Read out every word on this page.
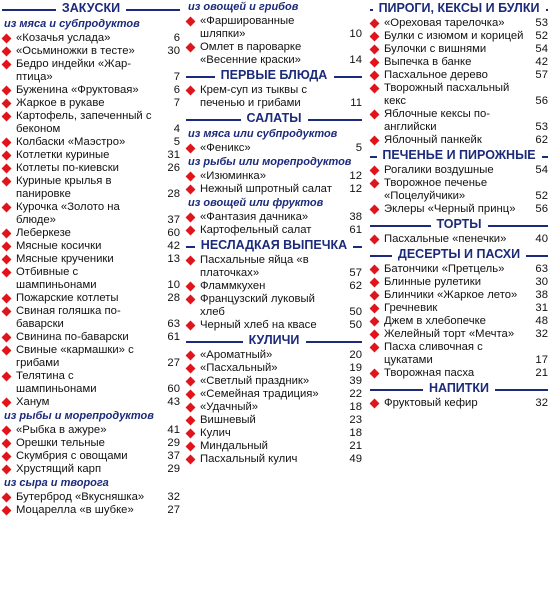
ЗАКУСКИ
из мяса и субпродуктов
«Козачья услада»	6
«Осьминожки в тесте»	30
Бедро индейки «Жар-птица»	7
Буженина «Фруктовая»	6
Жаркое в рукаве	7
Картофель, запеченный с беконом	4
Колбаски «Маэстро»	5
Котлетки куриные	31
Котлеты по-киевски	26
Куриные крылья в панировке	28
Курочка «Золото на блюде»	37
Леберкезе	60
Мясные косички	42
Мясные крученики	13
Отбивные с шампиньонами	10
Пожарские котлеты	28
Свиная голяшка по-баварски	63
Свинина по-баварски	61
Свиные «кармашки» с грибами	27
Телятина с шампиньонами	60
Ханум	43
из рыбы и морепродуктов
«Рыбка в ажуре»	41
Орешки тельные	29
Скумбрия с овощами	37
Хрустящий карп	29
из сыра и творога
Бутерброд «Вкусняшка»	32
Моцарелла «в шубке»	27
из овощей и грибов
«Фаршированные шляпки»	10
Омлет в пароварке «Весенние краски»	14
ПЕРВЫЕ БЛЮДА
Крем-суп из тыквы с печенью и грибами	11
САЛАТЫ
из мяса или субпродуктов
«Феникс»	5
из рыбы или морепродуктов
«Изюминка»	12
Нежный шпротный салат	12
из овощей или фруктов
«Фантазия дачника»	38
Картофельный салат	61
НЕСЛАДКАЯ ВЫПЕЧКА
Пасхальные яйца «в платочках»	57
Фламмкухен	62
Французский луковый хлеб	50
Черный хлеб на квасе	50
КУЛИЧИ
«Ароматный»	20
«Пасхальный»	19
«Светлый праздник»	39
«Семейная традиция»	22
«Удачный»	18
Вишневый	23
Кулич	18
Миндальный	21
Пасхальный кулич	49
ПИРОГИ, КЕКСЫ И БУЛКИ
«Ореховая тарелочка»	53
Булки с изюмом и корицей	52
Булочки с вишнями	54
Выпечка в банке	42
Пасхальное дерево	57
Творожный пасхальный кекс	56
Яблочные кексы по-английски	53
Яблочный панкейк	62
ПЕЧЕНЬЕ И ПИРОЖНЫЕ
Рогалики воздушные	54
Творожное печенье «Поцелуйчики»	52
Эклеры «Черный принц»	56
ТОРТЫ
Пасхальные «пенечки»	40
ДЕСЕРТЫ И ПАСХИ
Батончики «Претцель»	63
Блинные рулетики	30
Блинчики «Жаркое лето»	38
Гречневик	31
Джем в хлебопечке	48
Желейный торт «Мечта»	32
Пасха сливочная с цукатами	17
Творожная пасха	21
НАПИТКИ
Фруктовый кефир	32
